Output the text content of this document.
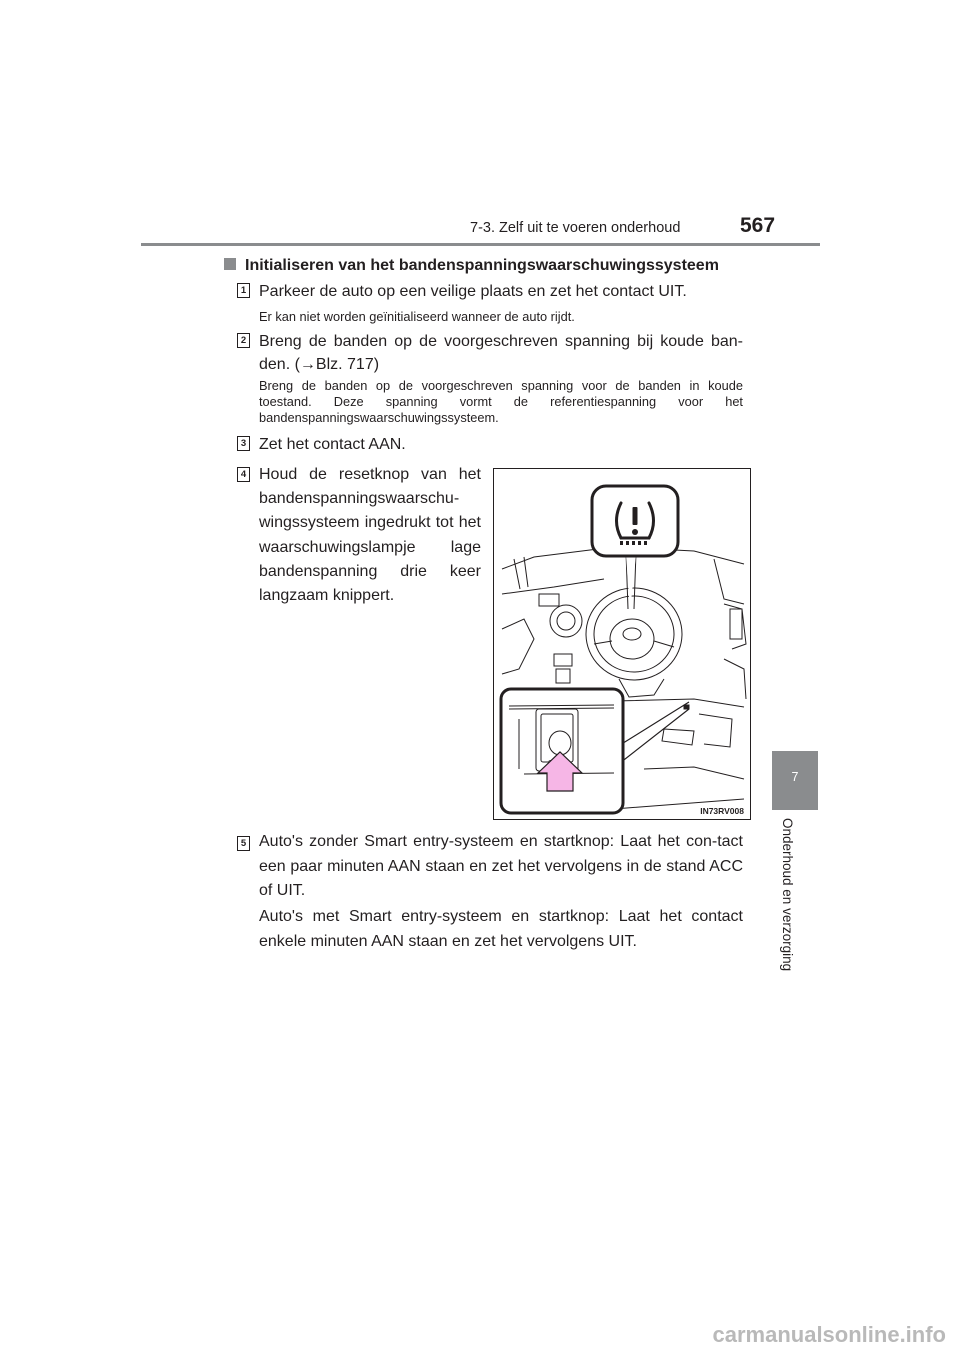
7-3. Zelf uit te voeren onderhoud	567
7
Onderhoud en verzorging
Initialiseren van het bandenspanningswaarschuwingssysteem
1 Parkeer de auto op een veilige plaats en zet het contact UIT.
Er kan niet worden geïnitialiseerd wanneer de auto rijdt.
2 Breng de banden op de voorgeschreven spanning bij koude ban-den. (→Blz. 717)
Breng de banden op de voorgeschreven spanning voor de banden in koude toestand. Deze spanning vormt de referentiespanning voor het bandenspanningswaarschuwingssysteem.
3 Zet het contact AAN.
4 Houd de resetknop van het bandenspanningswaarschu-wingssysteem ingedrukt tot het waarschuwingslampje lage bandenspanning drie keer langzaam knippert.
IN73RV008
5 Auto's zonder Smart entry-systeem en startknop: Laat het con-tact een paar minuten AAN staan en zet het vervolgens in de stand ACC of UIT.
Auto's met Smart entry-systeem en startknop: Laat het contact enkele minuten AAN staan en zet het vervolgens UIT.
carmanualsonline.info
